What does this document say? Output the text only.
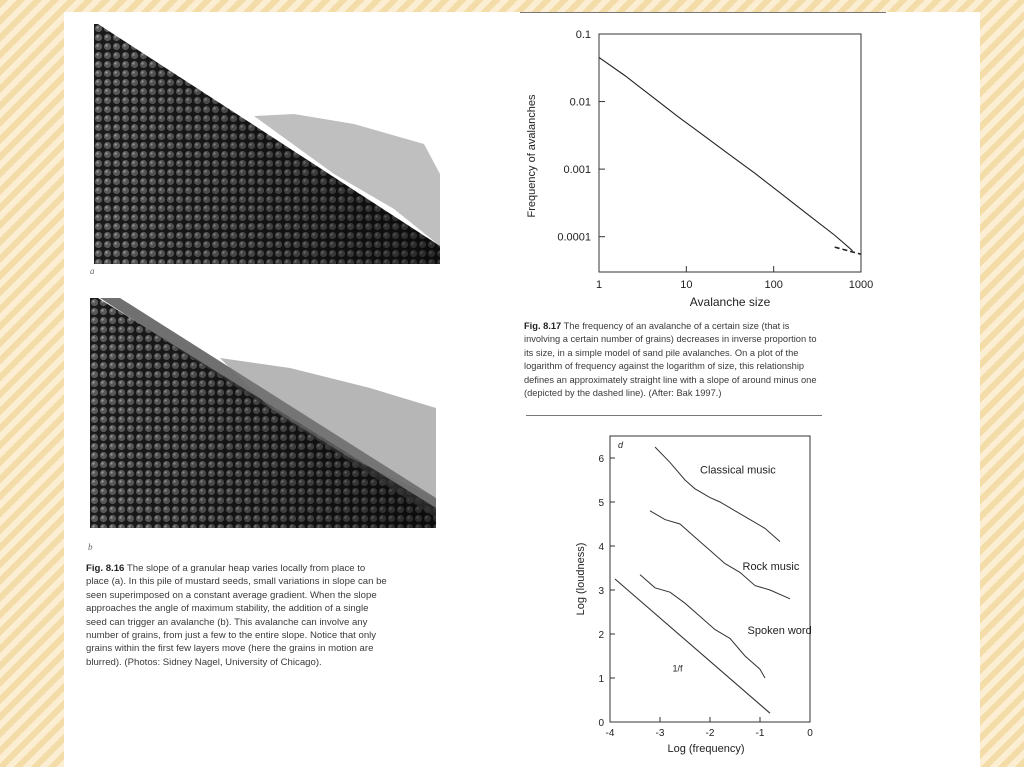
a
b
Fig. 8.16 The slope of a granular heap varies locally from place to
place (a). In this pile of mustard seeds, small variations in slope can be
seen superimposed on a constant average gradient. When the slope
approaches the angle of maximum stability, the addition of a single
seed can trigger an avalanche (b). This avalanche can involve any
number of grains, from just a few to the entire slope. Notice that only
grains within the first few layers move (here the grains in motion are
blurred). (Photos: Sidney Nagel, University of Chicago).
1	10	100	1000
0.1
0.01
0.001
0.0001
Avalanche size
Frequency of avalanches
Fig. 8.17 The frequency of an avalanche of a certain size (that is
involving a certain number of grains) decreases in inverse proportion to
its size, in a simple model of sand pile avalanches. On a plot of the
logarithm of frequency against the logarithm of size, this relationship
defines an approximately straight line with a slope of around minus one
(depicted by the dashed line). (After: Bak 1997.)
d
-4	-3	-2	-1	0
0
1
2
3
4
5
6
Classical music
Rock music
Spoken word
1/f
Log (frequency)
Log (loudness)
